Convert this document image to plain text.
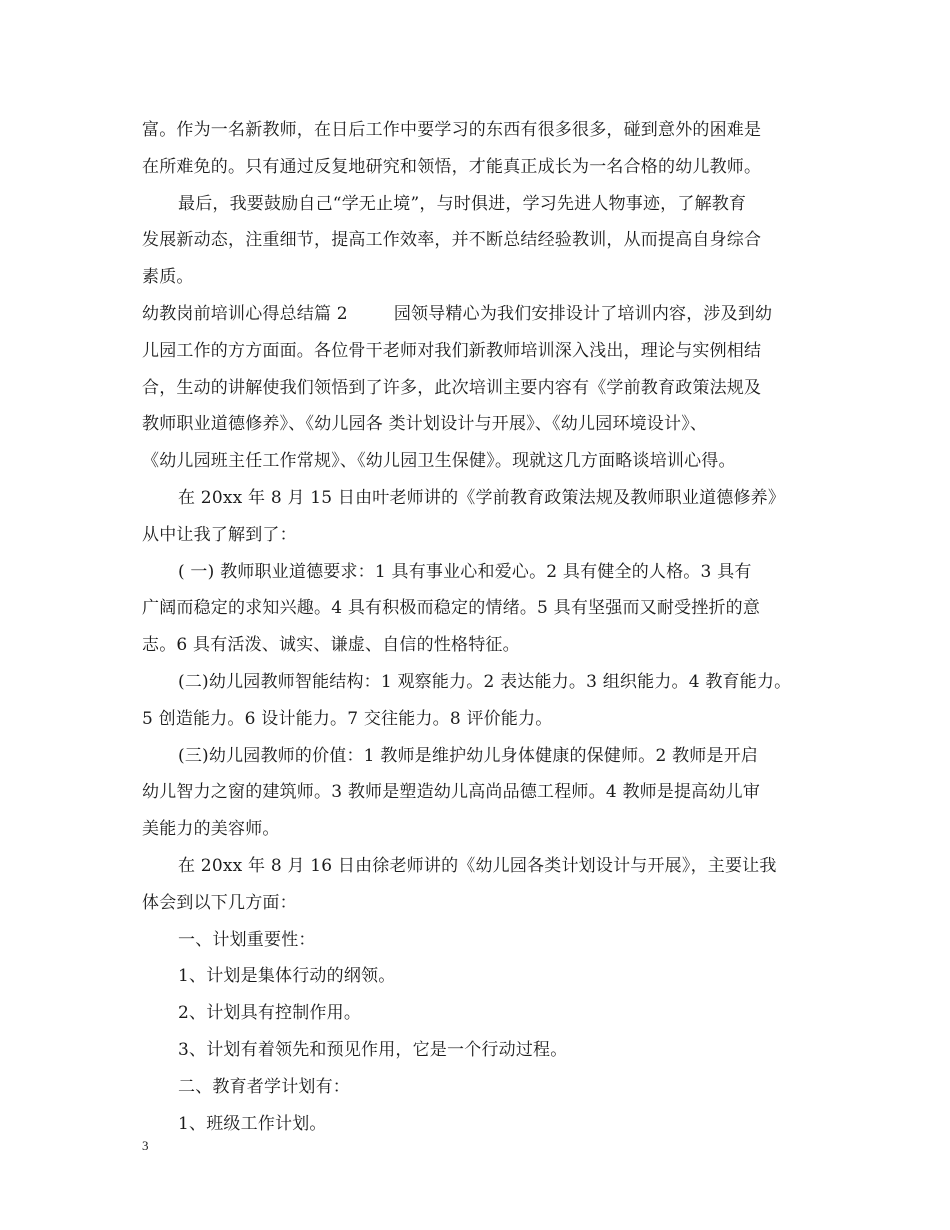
富。作为一名新教师，在日后工作中要学习的东西有很多很多，碰到意外的困难是
在所难免的。只有通过反复地研究和领悟，才能真正成长为一名合格的幼儿教师。
最后，我要鼓励自己“学无止境”，与时俱进，学习先进人物事迹，了解教育
发展新动态，注重细节，提高工作效率，并不断总结经验教训，从而提高自身综合
素质。
幼教岗前培训心得总结篇 2	园领导精心为我们安排设计了培训内容，涉及到幼
儿园工作的方方面面。各位骨干老师对我们新教师培训深入浅出，理论与实例相结
合，生动的讲解使我们领悟到了许多，此次培训主要内容有《学前教育政策法规及
教师职业道德修养》、《幼儿园各 类计划设计与开展》、《幼儿园环境设计》、
《幼儿园班主任工作常规》、《幼儿园卫生保健》。现就这几方面略谈培训心得。
在 20xx 年 8 月 15 日由叶老师讲的《学前教育政策法规及教师职业道德修养》
从中让我了解到了：
( 一) 教师职业道德要求：1 具有事业心和爱心。2 具有健全的人格。3 具有
广阔而稳定的求知兴趣。4 具有积极而稳定的情绪。5 具有坚强而又耐受挫折的意
志。6 具有活泼、诚实、谦虚、自信的性格特征。
(二)幼儿园教师智能结构：1 观察能力。2 表达能力。3 组织能力。4 教育能力。
5 创造能力。6 设计能力。7 交往能力。8 评价能力。
(三)幼儿园教师的价值：1 教师是维护幼儿身体健康的保健师。2 教师是开启
幼儿智力之窗的建筑师。3 教师是塑造幼儿高尚品德工程师。4 教师是提高幼儿审
美能力的美容师。
在 20xx 年 8 月 16 日由徐老师讲的《幼儿园各类计划设计与开展》，主要让我
体会到以下几方面：
一、计划重要性：
1、计划是集体行动的纲领。
2、计划具有控制作用。
3、计划有着领先和预见作用，它是一个行动过程。
二、教育者学计划有：
1、班级工作计划。
3
